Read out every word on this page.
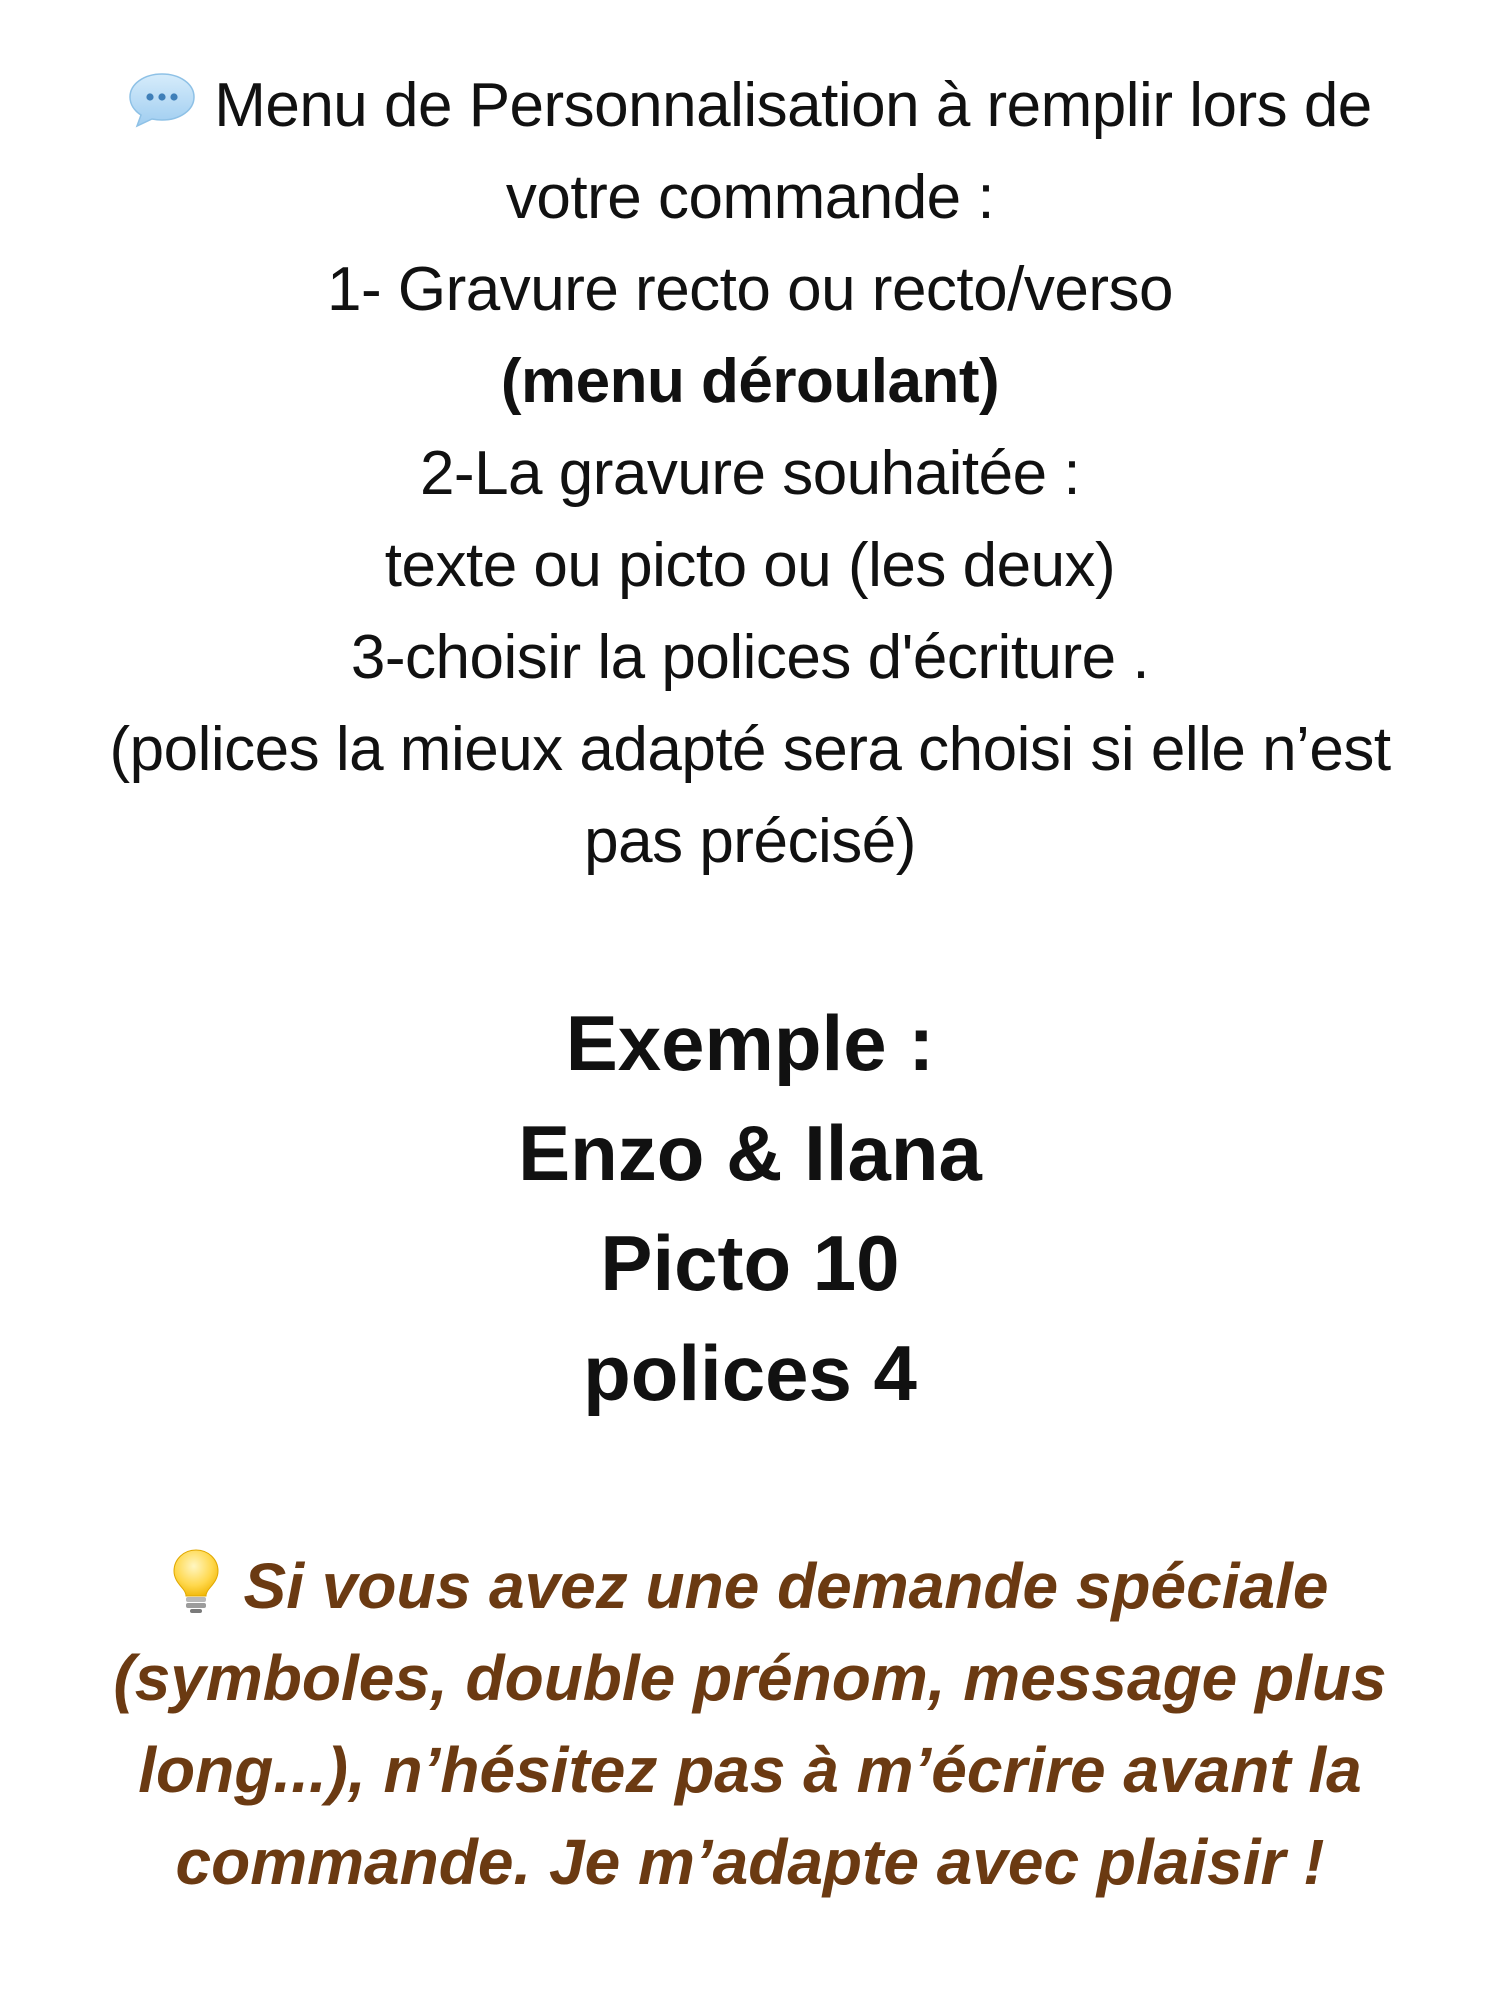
Menu de Personnalisation à remplir lors de
votre commande :
1- Gravure recto ou recto/verso
(menu déroulant)
2-La gravure souhaitée :
texte ou picto ou (les deux)
3-choisir la polices d'écriture .
(polices la mieux adapté sera choisi si elle n’est
pas précisé)
Exemple :
Enzo & Ilana
Picto 10
polices 4
Si vous avez une demande spéciale
(symboles, double prénom, message plus
long...), n’hésitez pas à m’écrire avant la
commande. Je m’adapte avec plaisir !
